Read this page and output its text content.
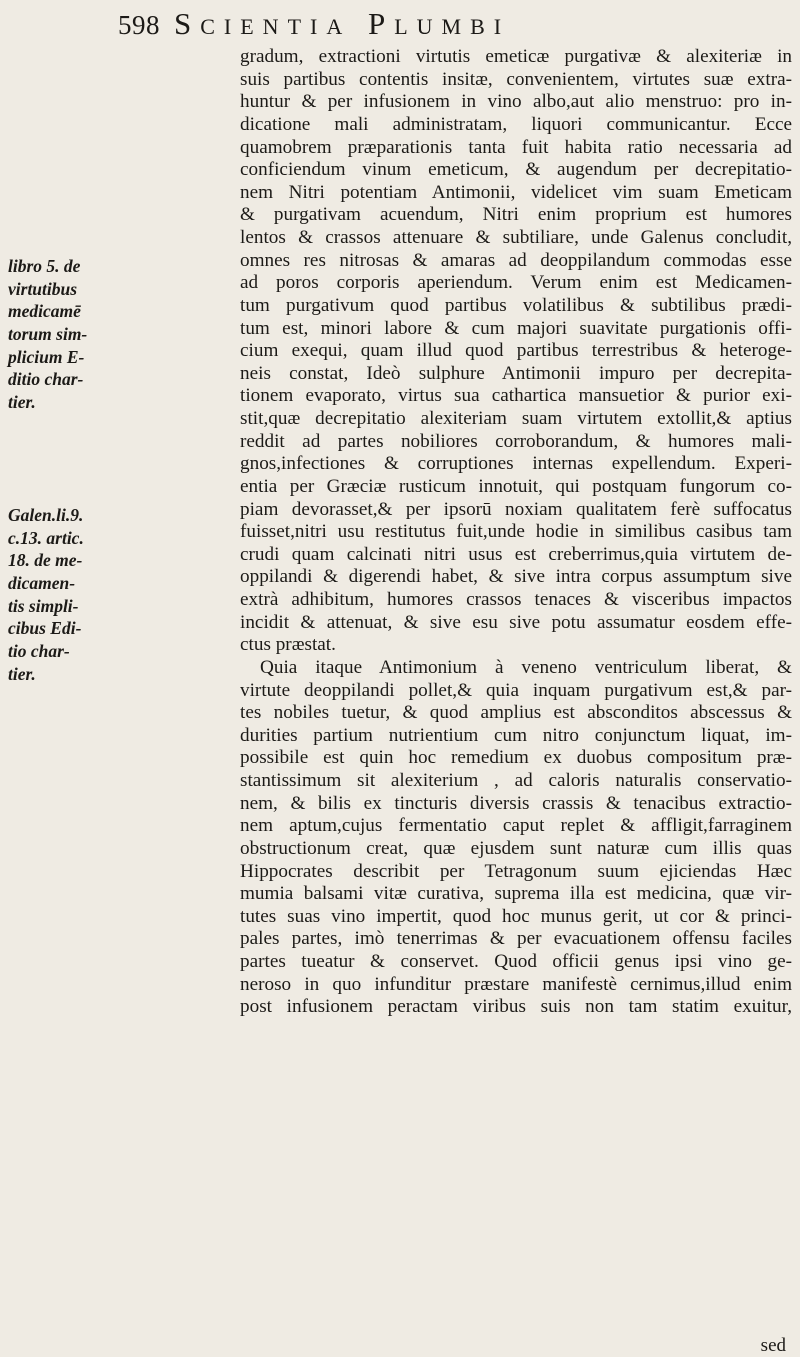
598 Scientia Plumbi
libro 5. de
virtutibus
medicamē
torum sim-
plicium E-
ditio char-
tier.
Galen.li.9.
c.13. artic.
18. de me-
dicamen-
tis simpli-
cibus Edi-
tio char-
tier.
gradum, extractioni virtutis emeticæ purgativæ & alexiteriæ in
suis partibus contentis insitæ, convenientem, virtutes suæ extra-
huntur & per infusionem in vino albo,aut alio menstruo: pro in-
dicatione mali administratam, liquori communicantur. Ecce
quamobrem præparationis tanta fuit habita ratio necessaria ad
conficiendum vinum emeticum, & augendum per decrepitatio-
nem Nitri potentiam Antimonii, videlicet vim suam Emeticam
& purgativam acuendum, Nitri enim proprium est humores
lentos & crassos attenuare & subtiliare, unde Galenus concludit,
omnes res nitrosas & amaras ad deoppilandum commodas esse
ad poros corporis aperiendum. Verum enim est Medicamen-
tum purgativum quod partibus volatilibus & subtilibus prædi-
tum est, minori labore & cum majori suavitate purgationis offi-
cium exequi, quam illud quod partibus terrestribus & heteroge-
neis constat, Ideò sulphure Antimonii impuro per decrepita-
tionem evaporato, virtus sua cathartica mansuetior & purior exi-
stit,quæ decrepitatio alexiteriam suam virtutem extollit,& aptius
reddit ad partes nobiliores corroborandum, & humores mali-
gnos,infectiones & corruptiones internas expellendum. Experi-
entia per Græciæ rusticum innotuit, qui postquam fungorum co-
piam devorasset,& per ipsorū noxiam qualitatem ferè suffocatus
fuisset,nitri usu restitutus fuit,unde hodie in similibus casibus tam
crudi quam calcinati nitri usus est creberrimus,quia virtutem de-
oppilandi & digerendi habet, & sive intra corpus assumptum sive
extrà adhibitum, humores crassos tenaces & visceribus impactos
incidit & attenuat, & sive esu sive potu assumatur eosdem effe-
ctus præstat.
Quia itaque Antimonium à veneno ventriculum liberat, &
virtute deoppilandi pollet,& quia inquam purgativum est,& par-
tes nobiles tuetur, & quod amplius est absconditos abscessus &
durities partium nutrientium cum nitro conjunctum liquat, im-
possibile est quin hoc remedium ex duobus compositum præ-
stantissimum sit alexiterium , ad caloris naturalis conservatio-
nem, & bilis ex tincturis diversis crassis & tenacibus extractio-
nem aptum,cujus fermentatio caput replet & affligit,farraginem
obstructionum creat, quæ ejusdem sunt naturæ cum illis quas
Hippocrates describit per Tetragonum suum ejiciendas Hæc
mumia balsami vitæ curativa, suprema illa est medicina, quæ vir-
tutes suas vino impertit, quod hoc munus gerit, ut cor & princi-
pales partes, imò tenerrimas & per evacuationem offensu faciles
partes tueatur & conservet. Quod officii genus ipsi vino ge-
neroso in quo infunditur præstare manifestè cernimus,illud enim
post infusionem peractam viribus suis non tam statim exuitur,
sed
